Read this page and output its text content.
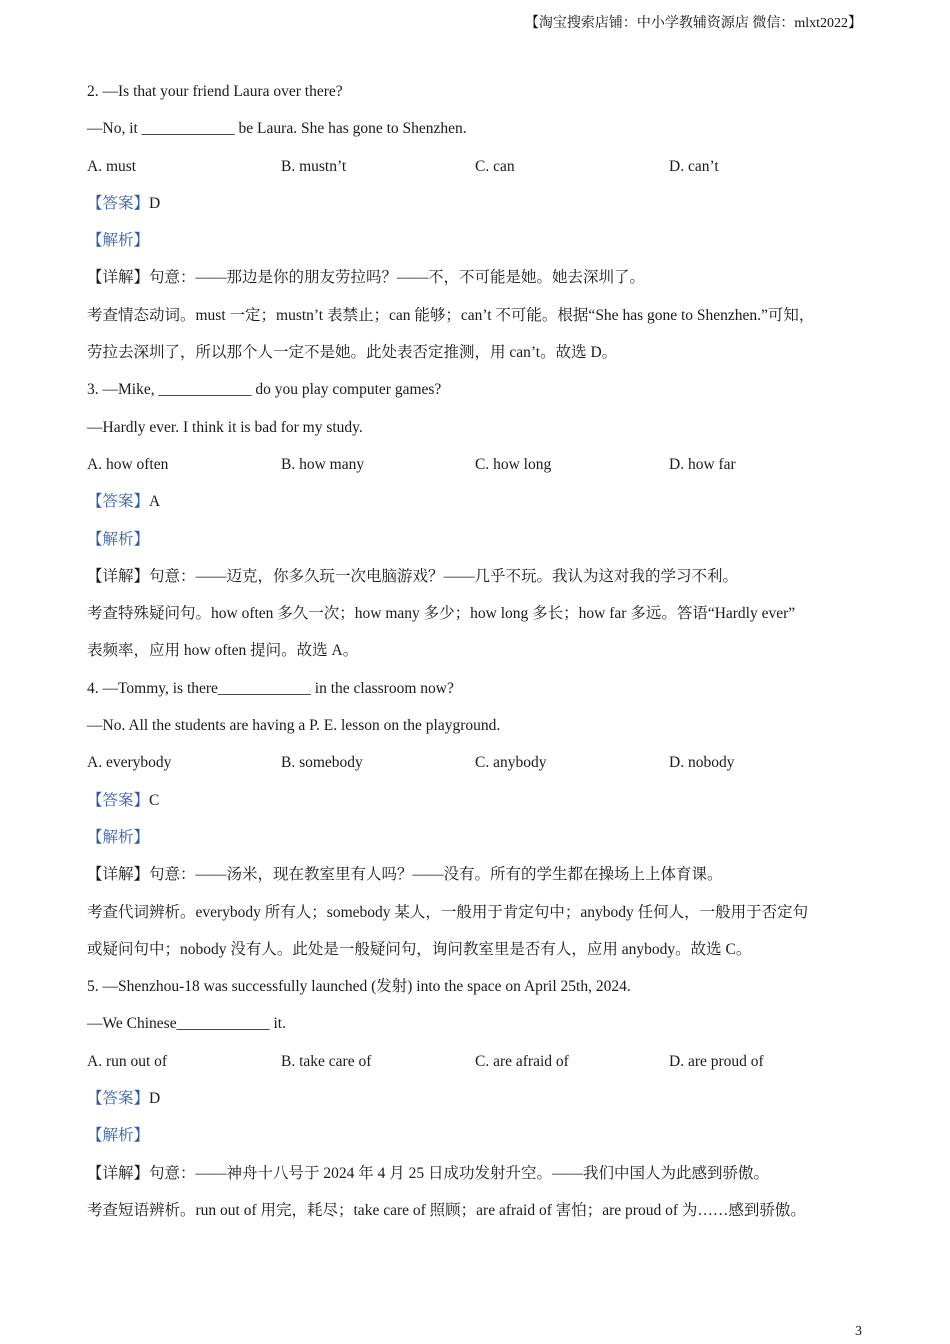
【淘宝搜索店铺：中小学教辅资源店 微信：mlxt2022】
2. —Is that your friend Laura over there?
—No, it ____________ be Laura. She has gone to Shenzhen.
A. must	B. mustn’t	C. can	D. can’t
【答案】D
【解析】
【详解】句意：——那边是你的朋友劳拉吗？——不，不可能是她。她去深圳了。
考查情态动词。must 一定；mustn’t 表禁止；can 能够；can’t 不可能。根据“She has gone to Shenzhen.”可知，
劳拉去深圳了，所以那个人一定不是她。此处表否定推测，用 can’t。故选 D。
3. —Mike, ____________ do you play computer games?
—Hardly ever. I think it is bad for my study.
A. how often	B. how many	C. how long	D. how far
【答案】A
【解析】
【详解】句意：——迈克，你多久玩一次电脑游戏？——几乎不玩。我认为这对我的学习不利。
考查特殊疑问句。how often 多久一次；how many 多少；how long 多长；how far 多远。答语“Hardly ever”
表频率，应用 how often 提问。故选 A。
4. —Tommy, is there____________ in the classroom now?
—No. All the students are having a P. E. lesson on the playground.
A. everybody	B. somebody	C. anybody	D. nobody
【答案】C
【解析】
【详解】句意：——汤米，现在教室里有人吗？——没有。所有的学生都在操场上上体育课。
考查代词辨析。everybody 所有人；somebody 某人，一般用于肯定句中；anybody 任何人，一般用于否定句
或疑问句中；nobody 没有人。此处是一般疑问句，询问教室里是否有人，应用 anybody。故选 C。
5. —Shenzhou-18 was successfully launched (发射) into the space on April 25th, 2024.
—We Chinese____________ it.
A. run out of	B. take care of	C. are afraid of	D. are proud of
【答案】D
【解析】
【详解】句意：——神舟十八号于 2024 年 4 月 25 日成功发射升空。——我们中国人为此感到骄傲。
考查短语辨析。run out of 用完，耗尽；take care of 照顾；are afraid of 害怕；are proud of 为……感到骄傲。
3
